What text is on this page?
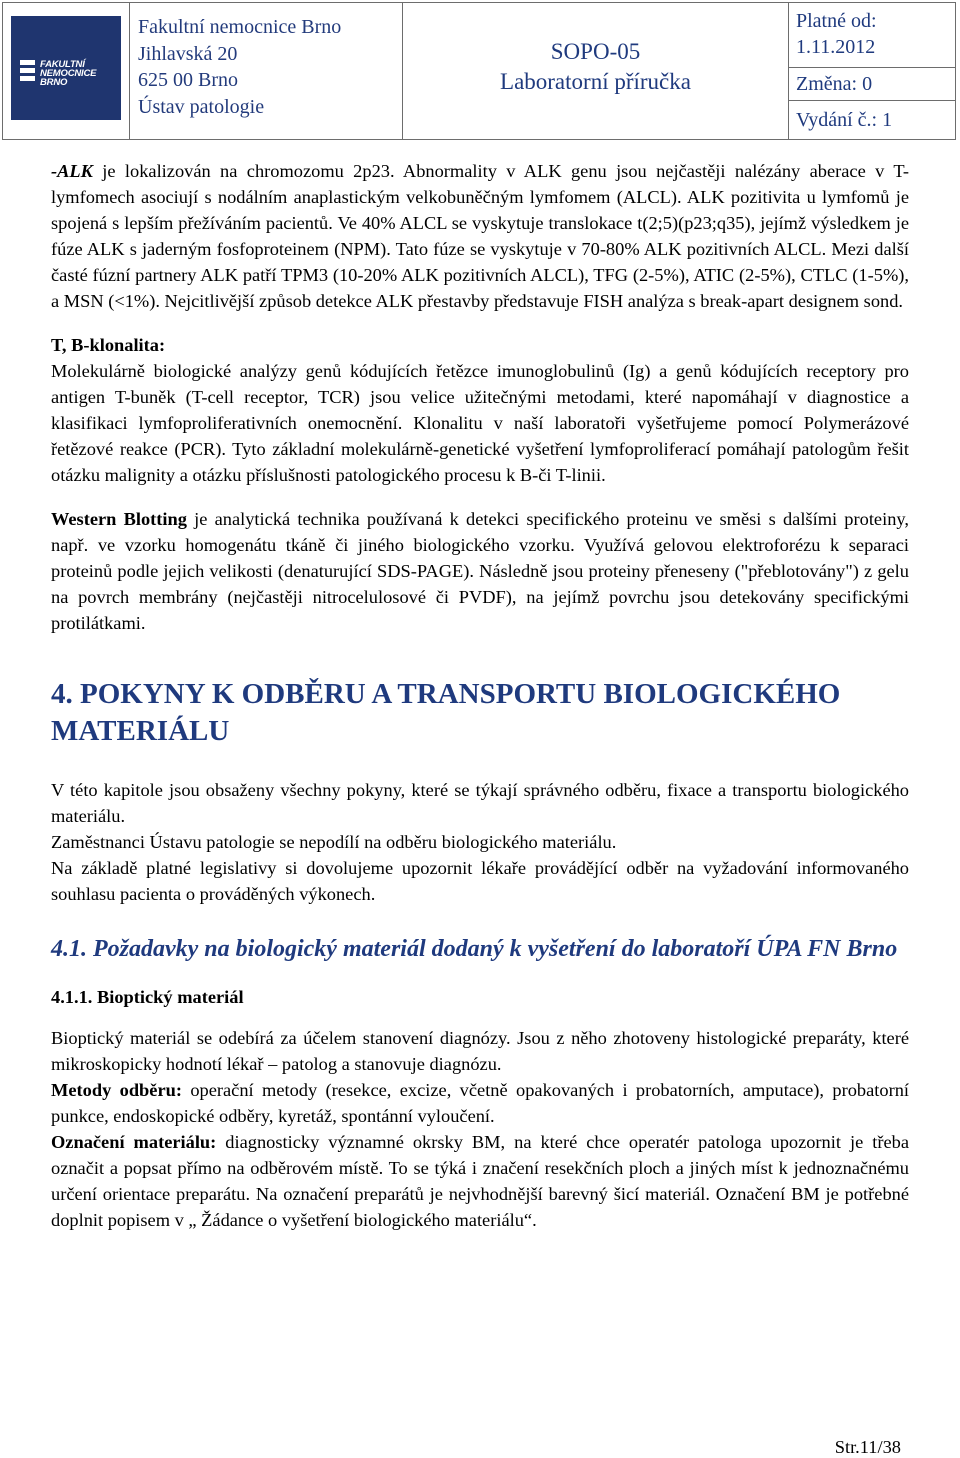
FAKULTNÍ
NEMOCNICE
BRNO

Fakultní nemocnice Brno
Jihlavská 20
625 00 Brno
Ústav patologie

SOPO-05
Laboratorní příručka

Platné od:
1.11.2012

Změna: 0
Vydání č.: 1

-ALK je lokalizován na chromozomu 2p23. Abnormality v ALK genu jsou nejčastěji nalézány aberace v T-lymfomech asociují s nodálním anaplastickým velkobuněčným lymfomem (ALCL). ALK pozitivita u lymfomů je spojená s lepším přežíváním pacientů. Ve 40% ALCL se vyskytuje translokace t(2;5)(p23;q35), jejímž výsledkem je fúze ALK s jaderným fosfoproteinem (NPM). Tato fúze se vyskytuje v 70-80% ALK pozitivních ALCL. Mezi další časté fúzní partnery ALK patří TPM3 (10-20% ALK pozitivních ALCL), TFG (2-5%), ATIC (2-5%), CTLC (1-5%), a MSN (<1%). Nejcitlivější způsob detekce ALK přestavby představuje FISH analýza s break-apart designem sond.

T, B-klonalita:

Molekulárně biologické analýzy genů kódujících řetězce imunoglobulinů (Ig) a genů kódujících receptory pro antigen T-buněk (T-cell receptor, TCR) jsou velice užitečnými metodami, které napomáhají v diagnostice a klasifikaci lymfoproliferativních onemocnění. Klonalitu v naší laboratoři vyšetřujeme pomocí Polymerázové řetězové reakce (PCR). Tyto základní molekulárně-genetické vyšetření lymfoproliferací pomáhají patologům řešit otázku malignity a otázku příslušnosti patologického procesu k B-či T-linii.

Western Blotting je analytická technika používaná k detekci specifického proteinu ve směsi s dalšími proteiny, např. ve vzorku homogenátu tkáně či jiného biologického vzorku. Využívá gelovou elektroforézu k separaci proteinů podle jejich velikosti (denaturující SDS-PAGE). Následně jsou proteiny přeneseny ("přeblotovány") z gelu na povrch membrány (nejčastěji nitrocelulosové či PVDF), na jejímž povrchu jsou detekovány specifickými protilátkami.

4. POKYNY K ODBĚRU A TRANSPORTU BIOLOGICKÉHO MATERIÁLU

V této kapitole jsou obsaženy všechny pokyny, které se týkají správného odběru, fixace a transportu biologického materiálu.

Zaměstnanci Ústavu patologie se nepodílí na odběru biologického materiálu.

Na základě platné legislativy si dovolujeme upozornit lékaře provádějící odběr na vyžadování informovaného souhlasu pacienta o prováděných výkonech.

4.1. Požadavky na biologický materiál dodaný k vyšetření do laboratoří ÚPA FN Brno

4.1.1. Bioptický materiál

Bioptický materiál se odebírá za účelem stanovení diagnózy. Jsou z něho zhotoveny histologické preparáty, které mikroskopicky hodnotí lékař – patolog a stanovuje diagnózu.

Metody odběru: operační metody (resekce, excize, včetně opakovaných i probatorních, amputace), probatorní punkce, endoskopické odběry, kyretáž, spontánní vyloučení.

Označení materiálu: diagnosticky významné okrsky BM, na které chce operatér patologa upozornit je třeba označit a popsat přímo na odběrovém místě. To se týká i značení resekčních ploch a jiných míst k jednoznačnému určení orientace preparátu. Na označení preparátů je nejvhodnější barevný šicí materiál. Označení BM je potřebné doplnit popisem v „ Žádance o vyšetření biologického materiálu“.

Str.11/38
